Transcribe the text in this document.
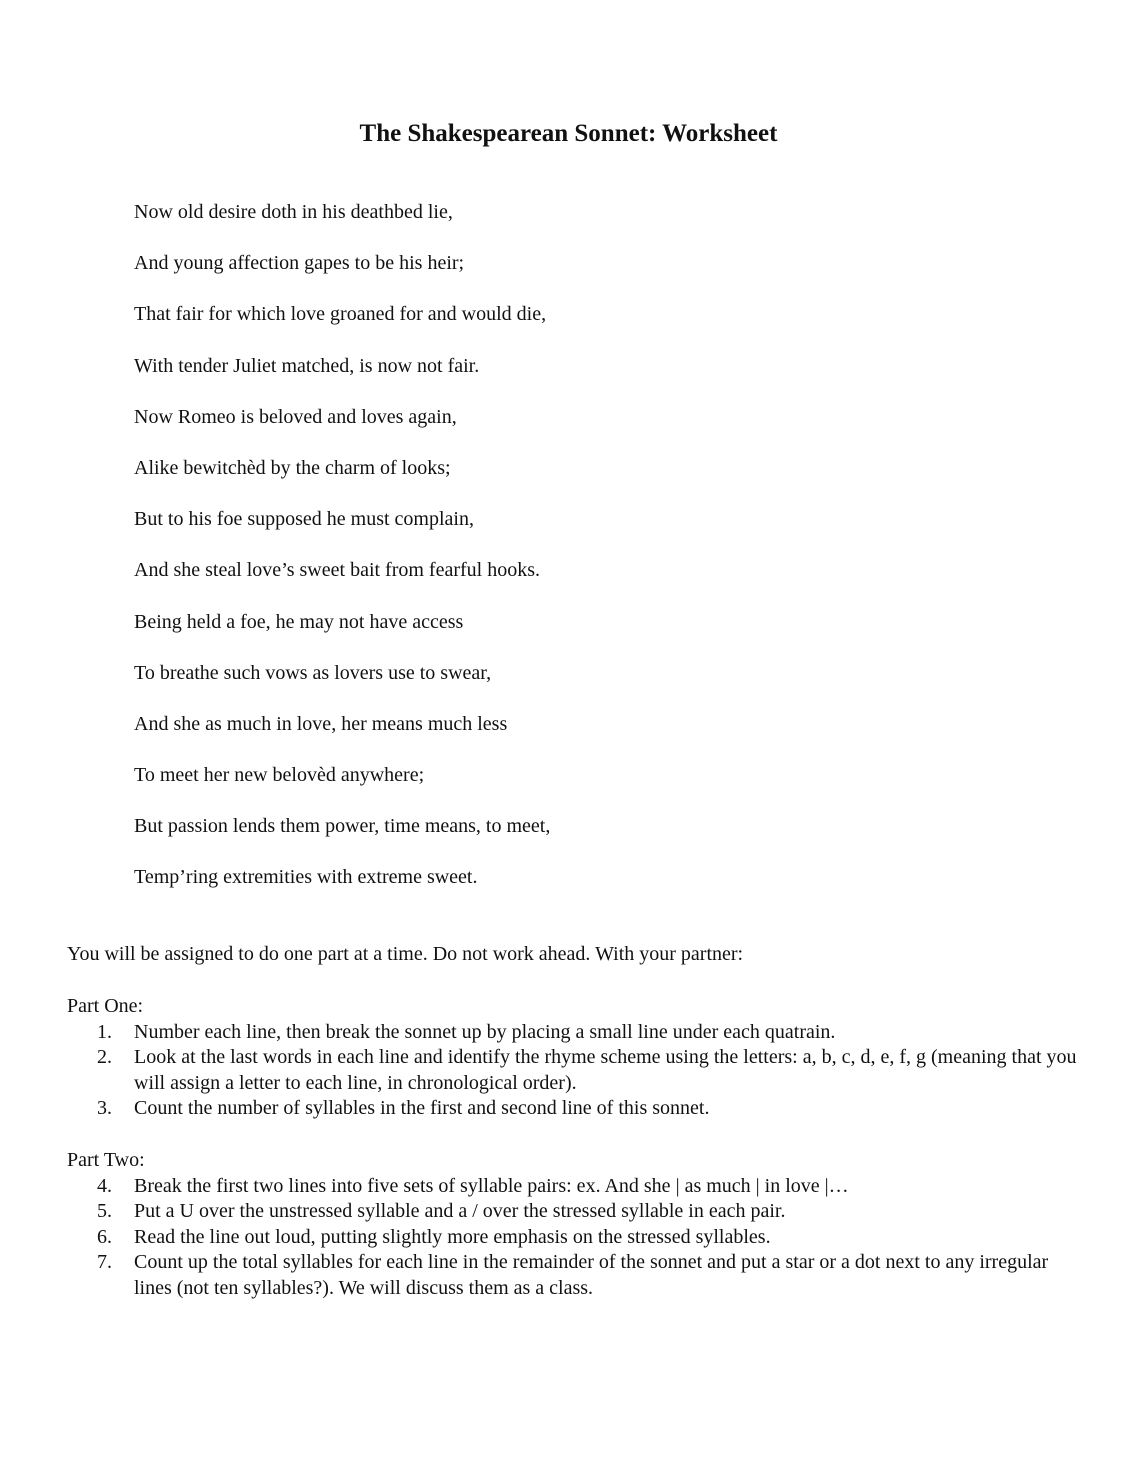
The Shakespearean Sonnet: Worksheet
Now old desire doth in his deathbed lie,
And young affection gapes to be his heir;
That fair for which love groaned for and would die,
With tender Juliet matched, is now not fair.
Now Romeo is beloved and loves again,
Alike bewitchèd by the charm of looks;
But to his foe supposed he must complain,
And she steal love’s sweet bait from fearful hooks.
Being held a foe, he may not have access
To breathe such vows as lovers use to swear,
And she as much in love, her means much less
To meet her new belovèd anywhere;
But passion lends them power, time means, to meet,
Temp’ring extremities with extreme sweet.
You will be assigned to do one part at a time. Do not work ahead. With your partner:
Part One:
1. Number each line, then break the sonnet up by placing a small line under each quatrain.
2. Look at the last words in each line and identify the rhyme scheme using the letters: a, b, c, d, e, f, g (meaning that you will assign a letter to each line, in chronological order).
3. Count the number of syllables in the first and second line of this sonnet.
Part Two:
4. Break the first two lines into five sets of syllable pairs: ex. And she | as much | in love |…
5. Put a U over the unstressed syllable and a / over the stressed syllable in each pair.
6. Read the line out loud, putting slightly more emphasis on the stressed syllables.
7. Count up the total syllables for each line in the remainder of the sonnet and put a star or a dot next to any irregular lines (not ten syllables?). We will discuss them as a class.
